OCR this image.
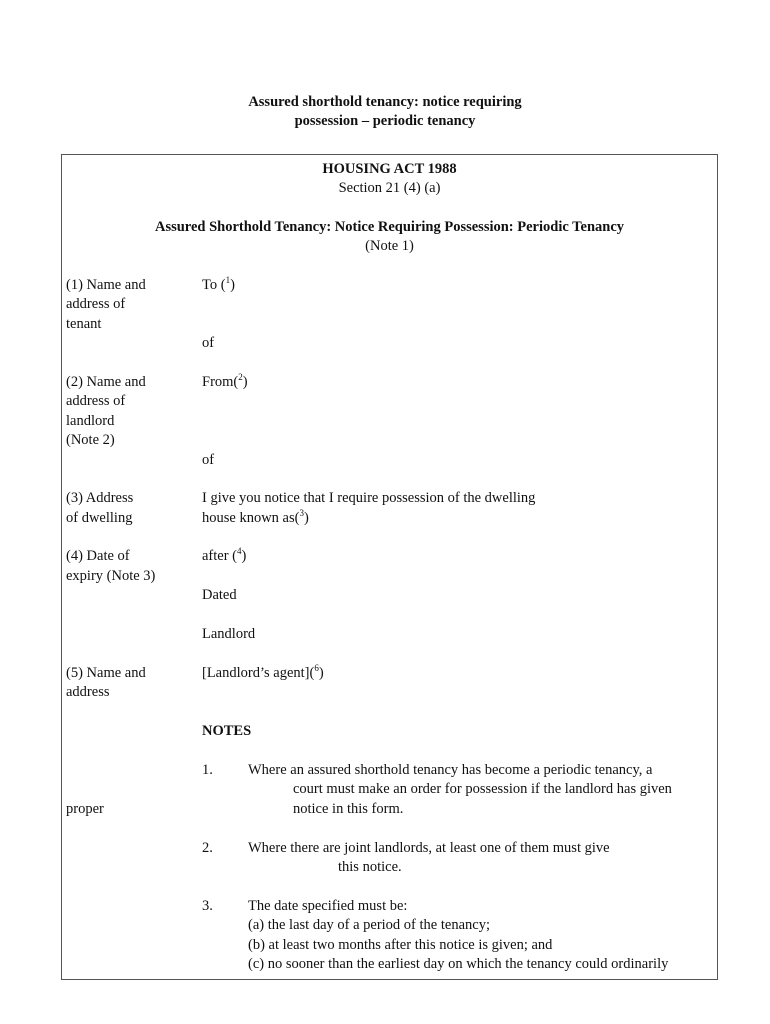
Assured shorthold tenancy: notice requiring
possession – periodic tenancy
HOUSING ACT 1988
Section 21 (4) (a)
Assured Shorthold Tenancy: Notice Requiring Possession: Periodic Tenancy
(Note 1)
(1) Name and
address of
tenant
(2) Name and
address of
landlord
(Note 2)
(3) Address
of dwelling
(4) Date of
expiry (Note 3)
(5) Name and
address
proper
To ($^1$)
of
From($^2$)
of
I give you notice that I require possession of the dwelling
house known as($^3$)
after ($^4$)
Dated
Landlord
[Landlord’s agent]($^6$)
NOTES
1. Where an assured shorthold tenancy has become a periodic tenancy, a
court must make an order for possession if the landlord has given
notice in this form.
2. Where there are joint landlords, at least one of them must give
this notice.
3. The date specified must be:
(a) the last day of a period of the tenancy;
(b) at least two months after this notice is given; and
(c) no sooner than the earliest day on which the tenancy could ordinarily
